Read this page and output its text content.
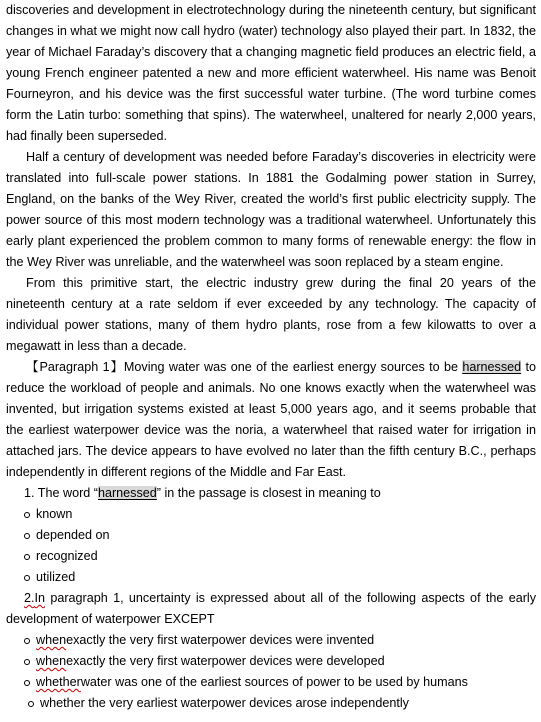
discoveries and development in electrotechnology during the nineteenth century, but significant changes in what we might now call hydro (water) technology also played their part. In 1832, the year of Michael Faraday’s discovery that a changing magnetic field produces an electric field, a young French engineer patented a new and more efficient waterwheel. His name was Benoit Fourneyron, and his device was the first successful water turbine. (The word turbine comes form the Latin turbo: something that spins). The waterwheel, unaltered for nearly 2,000 years, had finally been superseded.

Half a century of development was needed before Faraday’s discoveries in electricity were translated into full-scale power stations. In 1881 the Godalming power station in Surrey, England, on the banks of the Wey River, created the world’s first public electricity supply. The power source of this most modern technology was a traditional waterwheel. Unfortunately this early plant experienced the problem common to many forms of renewable energy: the flow in the Wey River was unreliable, and the waterwheel was soon replaced by a steam engine.

From this primitive start, the electric industry grew during the final 20 years of the nineteenth century at a rate seldom if ever exceeded by any technology. The capacity of individual power stations, many of them hydro plants, rose from a few kilowatts to over a megawatt in less than a decade.

【Paragraph 1】Moving water was one of the earliest energy sources to be harnessed to reduce the workload of people and animals. No one knows exactly when the waterwheel was invented, but irrigation systems existed at least 5,000 years ago, and it seems probable that the earliest waterpower device was the noria, a waterwheel that raised water for irrigation in attached jars. The device appears to have evolved no later than the fifth century B.C., perhaps independently in different regions of the Middle and Far East.

1. The word “harnessed” in the passage is closest in meaning to

known
depended on
recognized
utilized

2.In paragraph 1, uncertainty is expressed about all of the following aspects of the early development of waterpower EXCEPT

when exactly the very first waterpower devices were invented
when exactly the very first waterpower devices were developed
whether water was one of the earliest sources of power to be used by humans
whether the very earliest waterpower devices arose independently
